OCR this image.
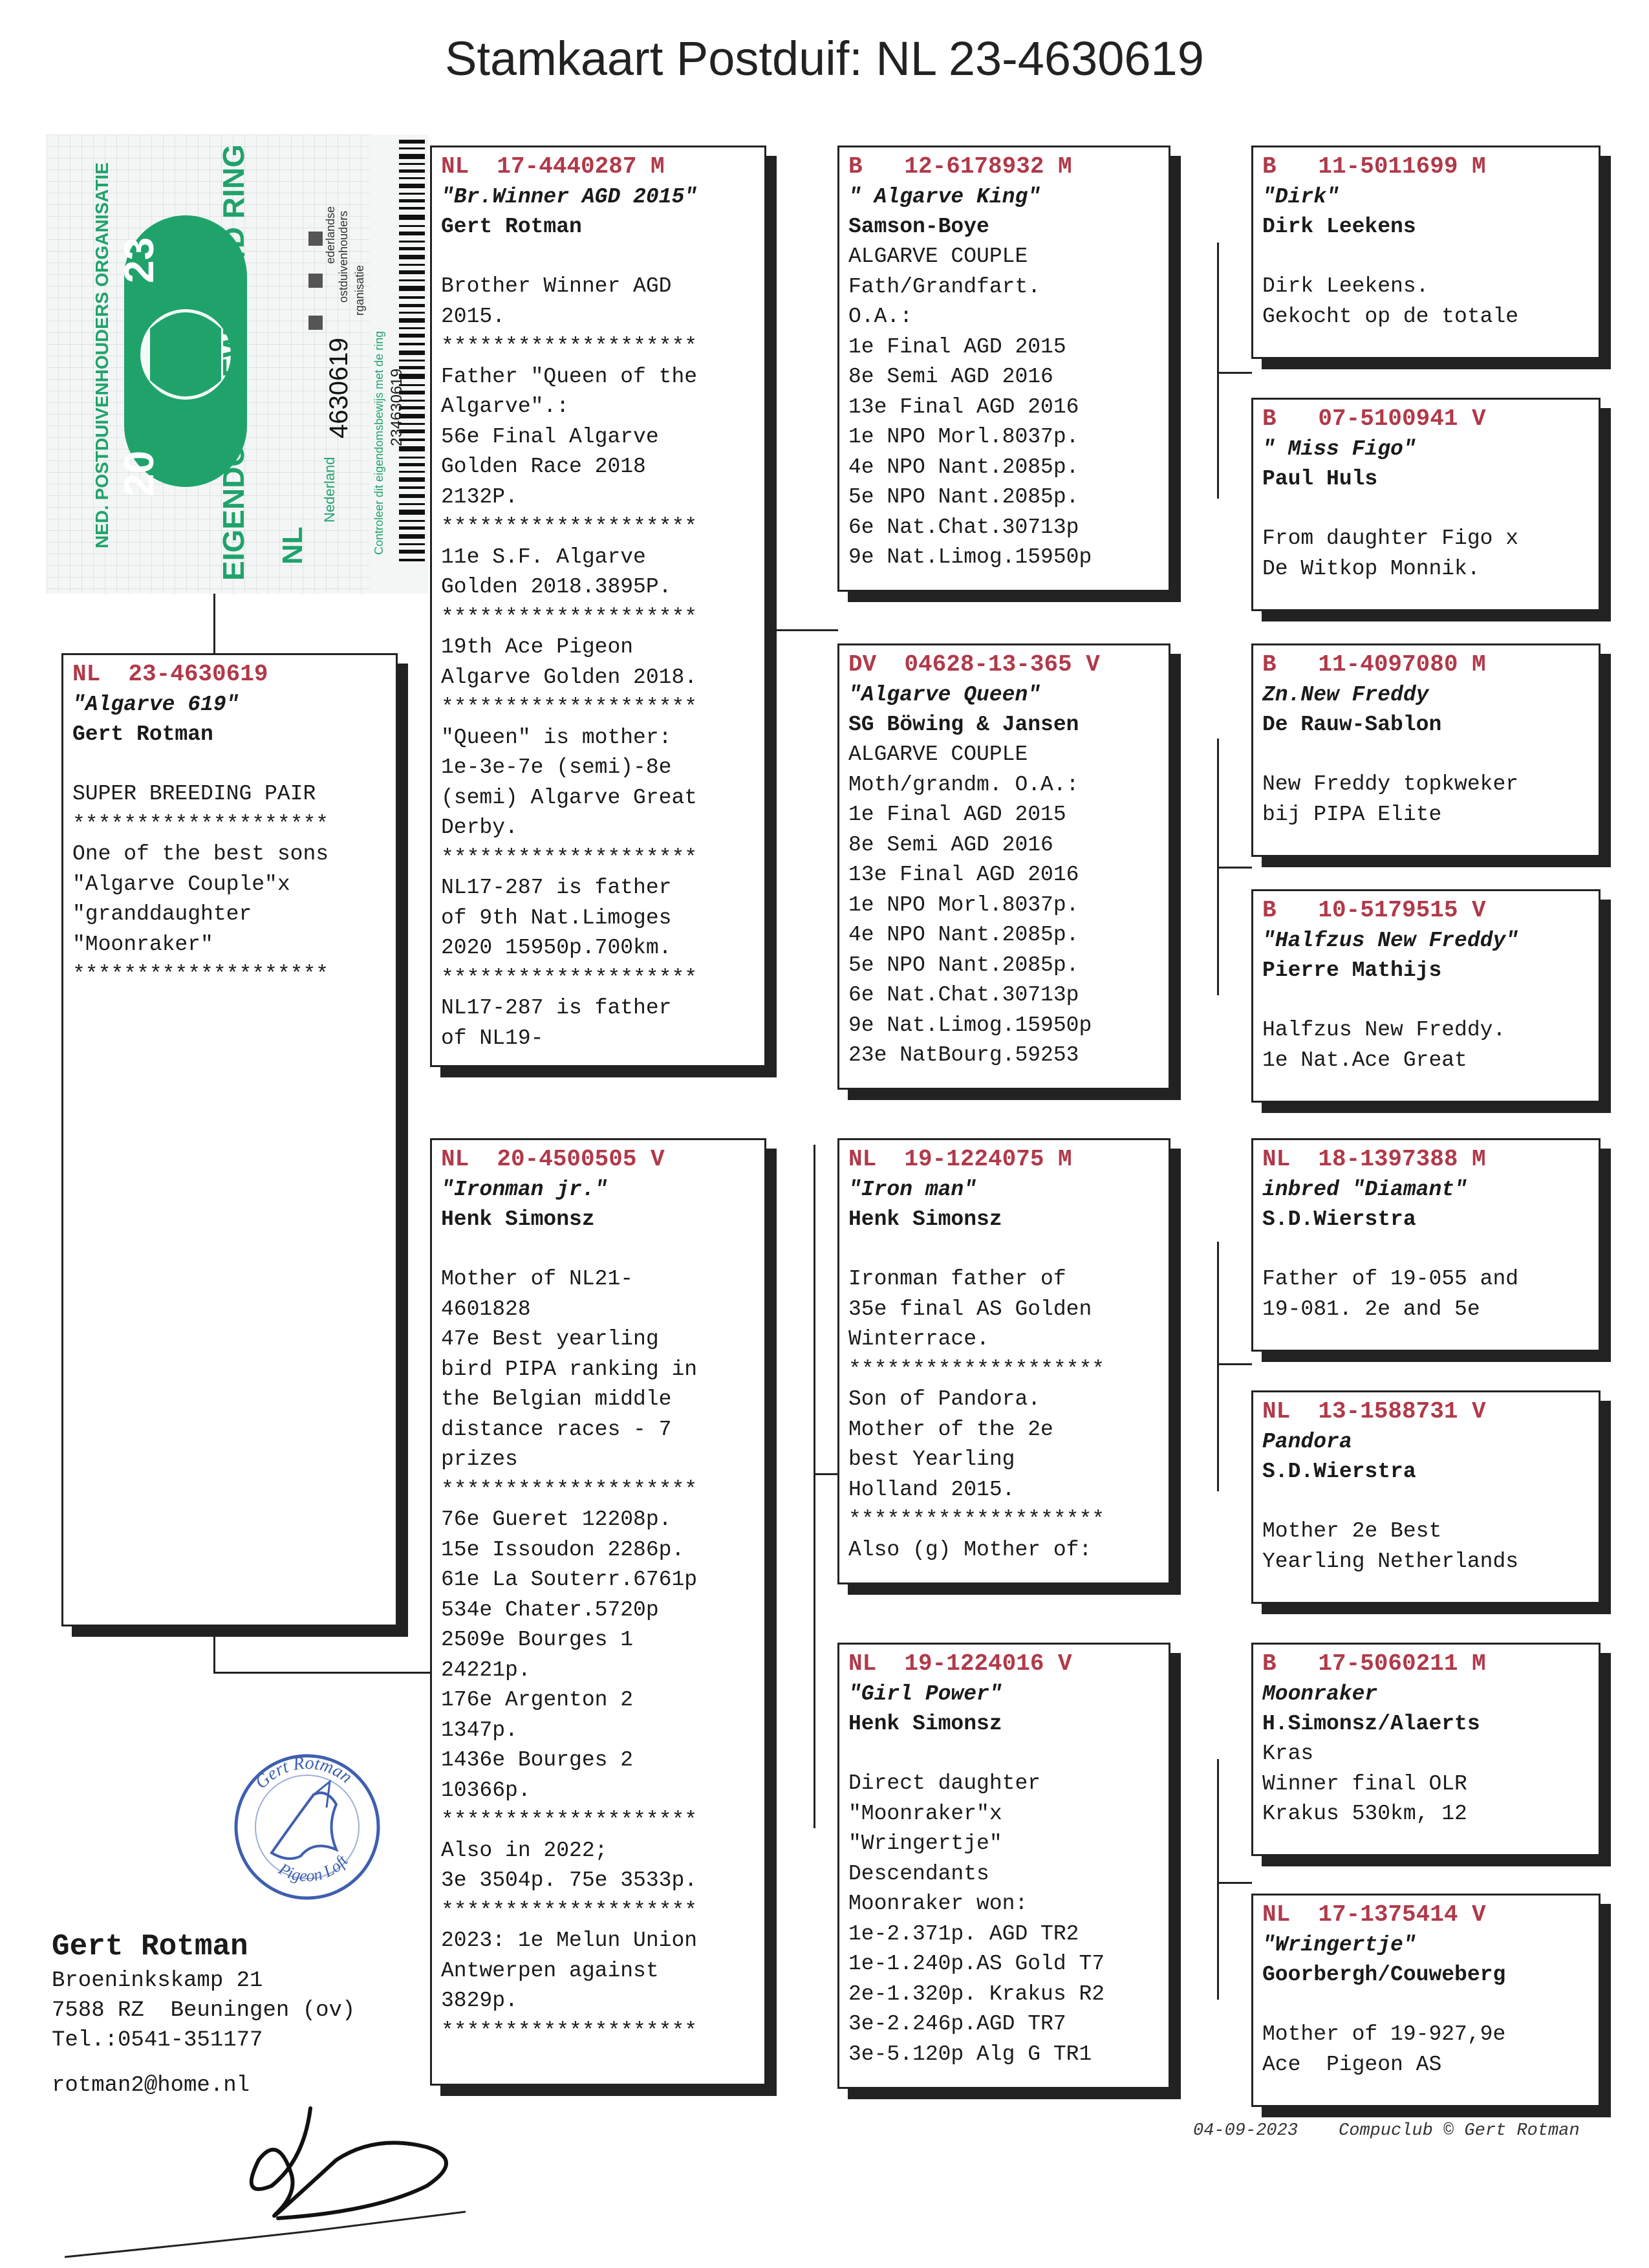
Stamkaart Postduif: NL 23-4630619
NED. POSTDUIVENHOUDERS ORGANISATIE 20
23 EIGENDOMSBEWIJS V/D RING NL
Nederland
4630619 Controleer dit eigendomsbewijs met de ring
ederlandse ostduivenhouders rganisatie
234630619
NL  23-4630619
"Algarve 619"
Gert Rotman
SUPER BREEDING PAIR
********************
One of the best sons
"Algarve Couple"x
"granddaughter
"Moonraker"
********************
NL  17-4440287 M
"Br.Winner AGD 2015"
Gert Rotman
Brother Winner AGD
2015.
********************
Father "Queen of the
Algarve".:
56e Final Algarve
Golden Race 2018
2132P.
********************
11e S.F. Algarve
Golden 2018.3895P.
********************
19th Ace Pigeon
Algarve Golden 2018.
********************
"Queen" is mother:
1e-3e-7e (semi)-8e
(semi) Algarve Great
Derby.
********************
NL17-287 is father
of 9th Nat.Limoges
2020 15950p.700km.
********************
NL17-287 is father
of NL19-
NL  20-4500505 V
"Ironman jr."
Henk Simonsz
Mother of NL21-
4601828
47e Best yearling
bird PIPA ranking in
the Belgian middle
distance races - 7
prizes
********************
76e Gueret 12208p.
15e Issoudon 2286p.
61e La Souterr.6761p
534e Chater.5720p
2509e Bourges 1
24221p.
176e Argenton 2
1347p.
1436e Bourges 2
10366p.
********************
Also in 2022;
3e 3504p. 75e 3533p.
********************
2023: 1e Melun Union
Antwerpen against
3829p.
********************
B   12-6178932 M
" Algarve King"
Samson-Boye
ALGARVE COUPLE
Fath/Grandfart.
O.A.:
1e Final AGD 2015
8e Semi AGD 2016
13e Final AGD 2016
1e NPO Morl.8037p.
4e NPO Nant.2085p.
5e NPO Nant.2085p.
6e Nat.Chat.30713p
9e Nat.Limog.15950p
DV  04628-13-365 V
"Algarve Queen"
SG Böwing & Jansen
ALGARVE COUPLE
Moth/grandm. O.A.:
1e Final AGD 2015
8e Semi AGD 2016
13e Final AGD 2016
1e NPO Morl.8037p.
4e NPO Nant.2085p.
5e NPO Nant.2085p.
6e Nat.Chat.30713p
9e Nat.Limog.15950p
23e NatBourg.59253
NL  19-1224075 M
"Iron man"
Henk Simonsz
Ironman father of
35e final AS Golden
Winterrace.
********************
Son of Pandora.
Mother of the 2e
best Yearling
Holland 2015.
********************
Also (g) Mother of:
NL  19-1224016 V
"Girl Power"
Henk Simonsz
Direct daughter
"Moonraker"x
"Wringertje"
Descendants
Moonraker won:
1e-2.371p. AGD TR2
1e-1.240p.AS Gold T7
2e-1.320p. Krakus R2
3e-2.246p.AGD TR7
3e-5.120p Alg G TR1
B   11-5011699 M
"Dirk"
Dirk Leekens
Dirk Leekens.
Gekocht op de totale
B   07-5100941 V
" Miss Figo"
Paul Huls
From daughter Figo x
De Witkop Monnik.
B   11-4097080 M
Zn.New Freddy
De Rauw-Sablon
New Freddy topkweker
bij PIPA Elite
B   10-5179515 V
"Halfzus New Freddy"
Pierre Mathijs
Halfzus New Freddy.
1e Nat.Ace Great
NL  18-1397388 M
inbred "Diamant"
S.D.Wierstra
Father of 19-055 and
19-081. 2e and 5e
NL  13-1588731 V
Pandora
S.D.Wierstra
Mother 2e Best
Yearling Netherlands
B   17-5060211 M
Moonraker
H.Simonsz/Alaerts
Kras
Winner final OLR
Krakus 530km, 12
NL  17-1375414 V
"Wringertje"
Goorbergh/Couweberg
Mother of 19-927,9e
Ace  Pigeon AS
Gert Rotman
Pigeon Loft
Gert Rotman
Broeninkskamp 21
7588 RZ  Beuningen (ov)
Tel.:0541-351177
rotman2@home.nl
04-09-2023 Compuclub © Gert Rotman
